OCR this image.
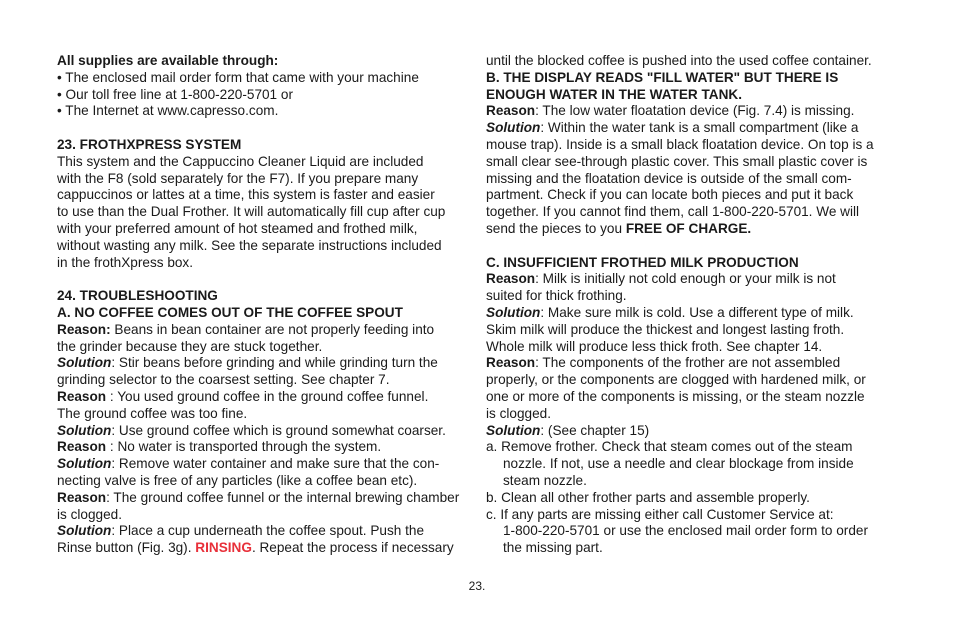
All supplies are available through:
• The enclosed mail order form that came with your machine
• Our toll free line at 1-800-220-5701 or
• The Internet at www.capresso.com.
23. FROTHXPRESS SYSTEM
This system and the Cappuccino Cleaner Liquid are included
with the F8 (sold separately for the F7). If you prepare many
cappuccinos or lattes at a time, this system is faster and easier
to use than the Dual Frother. It will automatically fill cup after cup
with your preferred amount of hot steamed and frothed milk,
without wasting any milk. See the separate instructions included
in the frothXpress box.
24. TROUBLESHOOTING
A. NO COFFEE COMES OUT OF THE COFFEE SPOUT
Reason: Beans in bean container are not properly feeding into
the grinder because they are stuck together.
Solution: Stir beans before grinding and while grinding turn the
grinding selector to the coarsest setting. See chapter 7.
Reason : You used ground coffee in the ground coffee funnel.
The ground coffee was too fine.
Solution: Use ground coffee which is ground somewhat coarser.
Reason : No water is transported through the system.
Solution: Remove water container and make sure that the con-
necting valve is free of any particles (like a coffee bean etc).
Reason: The ground coffee funnel or the internal brewing chamber
is clogged.
Solution: Place a cup underneath the coffee spout. Push the
Rinse button (Fig. 3g). RINSING. Repeat the process if necessary
until the blocked coffee is pushed into the used coffee container.
B. THE DISPLAY READS "FILL WATER" BUT THERE IS
ENOUGH WATER IN THE WATER TANK.
Reason: The low water floatation device (Fig. 7.4) is missing.
Solution: Within the water tank is a small compartment (like a
mouse trap). Inside is a small black floatation device. On top is a
small clear see-through plastic cover. This small plastic cover is
missing and the floatation device is outside of the small com-
partment. Check if you can locate both pieces and put it back
together. If you cannot find them, call 1-800-220-5701. We will
send the pieces to you FREE OF CHARGE.
C. INSUFFICIENT FROTHED MILK PRODUCTION
Reason: Milk is initially not cold enough or your milk is not
suited for thick frothing.
Solution: Make sure milk is cold. Use a different type of milk.
Skim milk will produce the thickest and longest lasting froth.
Whole milk will produce less thick froth. See chapter 14.
Reason: The components of the frother are not assembled
properly, or the components are clogged with hardened milk, or
one or more of the components is missing, or the steam nozzle
is clogged.
Solution: (See chapter 15)
a. Remove frother. Check that steam comes out of the steam
nozzle. If not, use a needle and clear blockage from inside
steam nozzle.
b. Clean all other frother parts and assemble properly.
c. If any parts are missing either call Customer Service at:
1-800-220-5701 or use the enclosed mail order form to order
the missing part.
23.
